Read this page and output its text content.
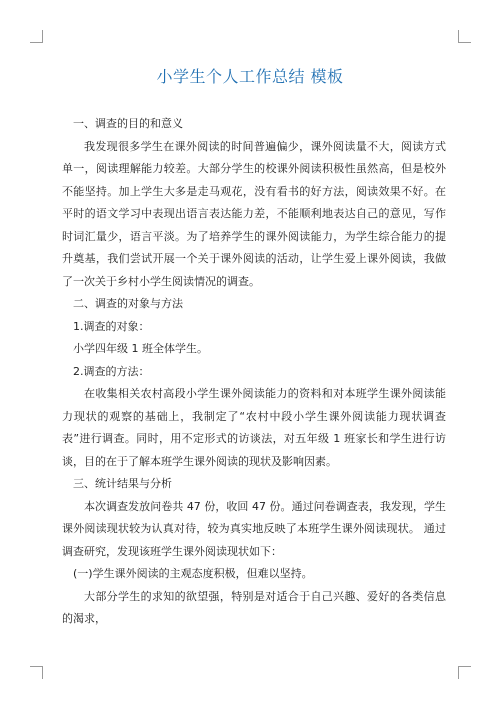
小学生个人工作总结 模板

一、调查的目的和意义

我发现很多学生在课外阅读的时间普遍偏少，课外阅读量不大，阅读方式单一，阅读理解能力较差。大部分学生的校课外阅读积极性虽然高，但是校外不能坚持。加上学生大多是走马观花，没有看书的好方法，阅读效果不好。在平时的语文学习中表现出语言表达能力差，不能顺利地表达自己的意见，写作时词汇量少，语言平淡。为了培养学生的课外阅读能力，为学生综合能力的提升奠基，我们尝试开展一个关于课外阅读的活动，让学生爱上课外阅读，我做了一次关于乡村小学生阅读情况的调查。

二、调查的对象与方法

1.调查的对象：

小学四年级 1 班全体学生。

2.调查的方法：

在收集相关农村高段小学生课外阅读能力的资料和对本班学生课外阅读能力现状的观察的基础上，我制定了“农村中段小学生课外阅读能力现状调查表”进行调查。同时，用不定形式的访谈法，对五年级 1 班家长和学生进行访谈，目的在于了解本班学生课外阅读的现状及影响因素。

三、统计结果与分析

本次调查发放问卷共 47 份，收回 47 份。通过问卷调查表，我发现，学生课外阅读现状较为认真对待，较为真实地反映了本班学生课外阅读现状。 通过调查研究，发现该班学生课外阅读现状如下：

(一)学生课外阅读的主观态度积极，但难以坚持。

大部分学生的求知的欲望强，特别是对适合于自己兴趣、爱好的各类信息的渴求，
